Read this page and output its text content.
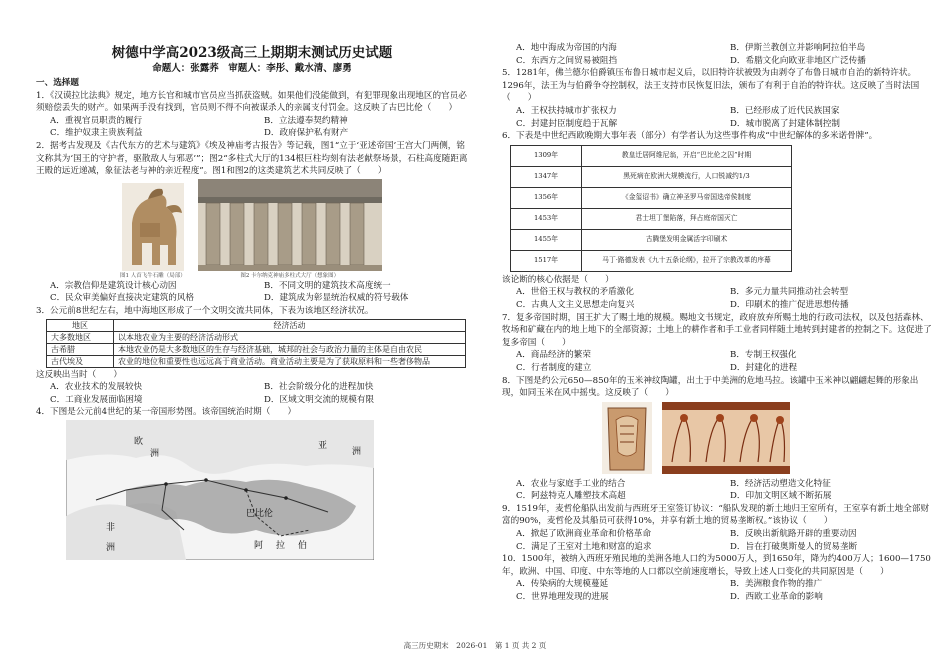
树德中学高2023级高三上期期末测试历史试题
命题人：张露荞　审题人：李彤、戴水清、廖勇
一、选择题

1．《汉谟拉比法典》规定，地方长官和城市官员应当抓获盗贼。如果他们没能做到，有犯罪现象出现地区的官员必须赔偿丢失的财产。如果两手没有找到，官员则不得不向被谋杀人的亲属支付罚金。这反映了古巴比伦（　　）

A．重视官员职责的履行	B．立法遵奉契约精神
C．维护奴隶主贵族利益	D．政府保护私有财产

2．据考古发现及《古代东方的艺术与建筑》《埃及神庙考古报告》等记载，图1“立于‘亚述帝国’王宫大门两侧，铭文称其为‘国王的守护者，驱散敌人与邪恶’”；图2“多柱式大厅的134根巨柱均刻有法老献祭场景，石柱高度随距离王殿的远近递减，象征法老与神的亲近程度”。图1和图2的这类建筑艺术共同反映了（　　）

图1 人首飞牛石雕（局部）	图2 卡尔纳克神庙多柱式大厅（想象图）
A．宗教信仰是建筑设计核心动因	B．不同文明的建筑技术高度统一
C．民众审美偏好直接决定建筑的风格	D．建筑成为彰显统治权威的符号载体

3．公元前8世纪左右，地中海地区形成了一个文明交流共同体，下表为该地区经济状况。

地区	经济活动
大多数地区	以本地农业为主要的经济活动形式
古希腊	本地农业仍是大多数地区的生存与经济基础，城邦的社会与政治力量的主体是自由农民
古代埃及	农业的地位和重要性也远远高于商业活动。商业活动主要是为了获取原料和一些奢侈物品

这反映出当时（　　）

A．农业技术的发展较快	B．社会阶级分化的进程加快
C．工商业发展面临困境	D．区域文明交流的规模有限

4．下图是公元前4世纪的某一帝国形势图。该帝国统治时期（　　）

欧
洲
非
洲
洲
亚
巴比伦
阿 拉 伯
A．地中海成为帝国的内海	B．伊斯兰教创立并影响阿拉伯半岛
C．东西方之间贸易被阻挡	D．希腊文化向欧亚非地区广泛传播

5．1281年，佛兰德尔伯爵镇压布鲁日城市起义后，以旧特许状被毁为由剥夺了布鲁日城市自治的新特许状。1296年，法王为与伯爵争夺控制权，法王支持市民恢复旧法，颁布了有利于自治的特许状。这反映了当时法国（　　）

A．王权扶持城市扩张权力	B．已经形成了近代民族国家
C．封建封臣制度趋于瓦解	D．城市脱离了封建体制控制

6．下表是中世纪西欧晚期大事年表（部分）有学者认为这些事件构成“中世纪解体的多米诺骨牌”。

1309年	教皇迁居阿维尼翁，开启“巴比伦之囚”时期
1347年	黑死病在欧洲大规模流行，人口锐减约1/3
1356年	《金玺诏书》确立神圣罗马帝国选帝侯制度
1453年	君士坦丁堡陷落，拜占庭帝国灭亡
1455年	古腾堡发明金属活字印刷术
1517年	马丁·路德发表《九十五条论纲》，拉开了宗教改革的序幕

该论断的核心依据是（　　）

A．世俗王权与教权的矛盾激化	B．多元力量共同推动社会转型
C．古典人文主义思想走向复兴	D．印刷术的推广促进思想传播

7．复多帝国时期，国王扩大了赐土地的规模。赐地文书规定，政府放弃所赐土地的行政司法权，以及包括森林、牧场和矿藏在内的地上地下的全部资源；土地上的耕作者和手工业者同样随土地转到封建者的控制之下。这促进了复多帝国（　　）

A．商品经济的繁荣	B．专制王权强化
C．行者制度的建立	D．封建化的进程

8．下图是约公元650—850年的玉米神纹陶罐，出土于中美洲的危地马拉。该罐中玉米神以翩翩起舞的形象出现，如同玉米在风中摇曳。这反映了（　　）

A．农业与家庭手工业的结合	B．经济活动塑造文化特征
C．阿兹特克人雕塑技术高超	D．印加文明区域不断拓展

9．1519年，麦哲伦船队出发前与西班牙王室签订协议：“船队发现的新土地归王室所有，王室享有新土地全部财富的90%，麦哲伦及其船员可获得10%，并享有新土地的贸易垄断权。”该协议（　　）

A．掀起了欧洲商业革命和价格革命	B．反映出新航路开辟的重要动因
C．满足了王室对土地和财富的追求	D．旨在打破奥斯曼人的贸易垄断

10．1500年，被纳入西班牙殖民地的美洲各地人口约为5000万人，到1650年，降为约400万人；1600—1750年，欧洲、中国、印度、中东等地的人口都以空前速度增长，导致上述人口变化的共同原因是（　　）

A．传染病的大规模蔓延	B．美洲粮食作物的推广
C．世界地理发现的进展	D．西欧工业革命的影响
高三历史期末　2026-01　第 1 页 共 2 页
